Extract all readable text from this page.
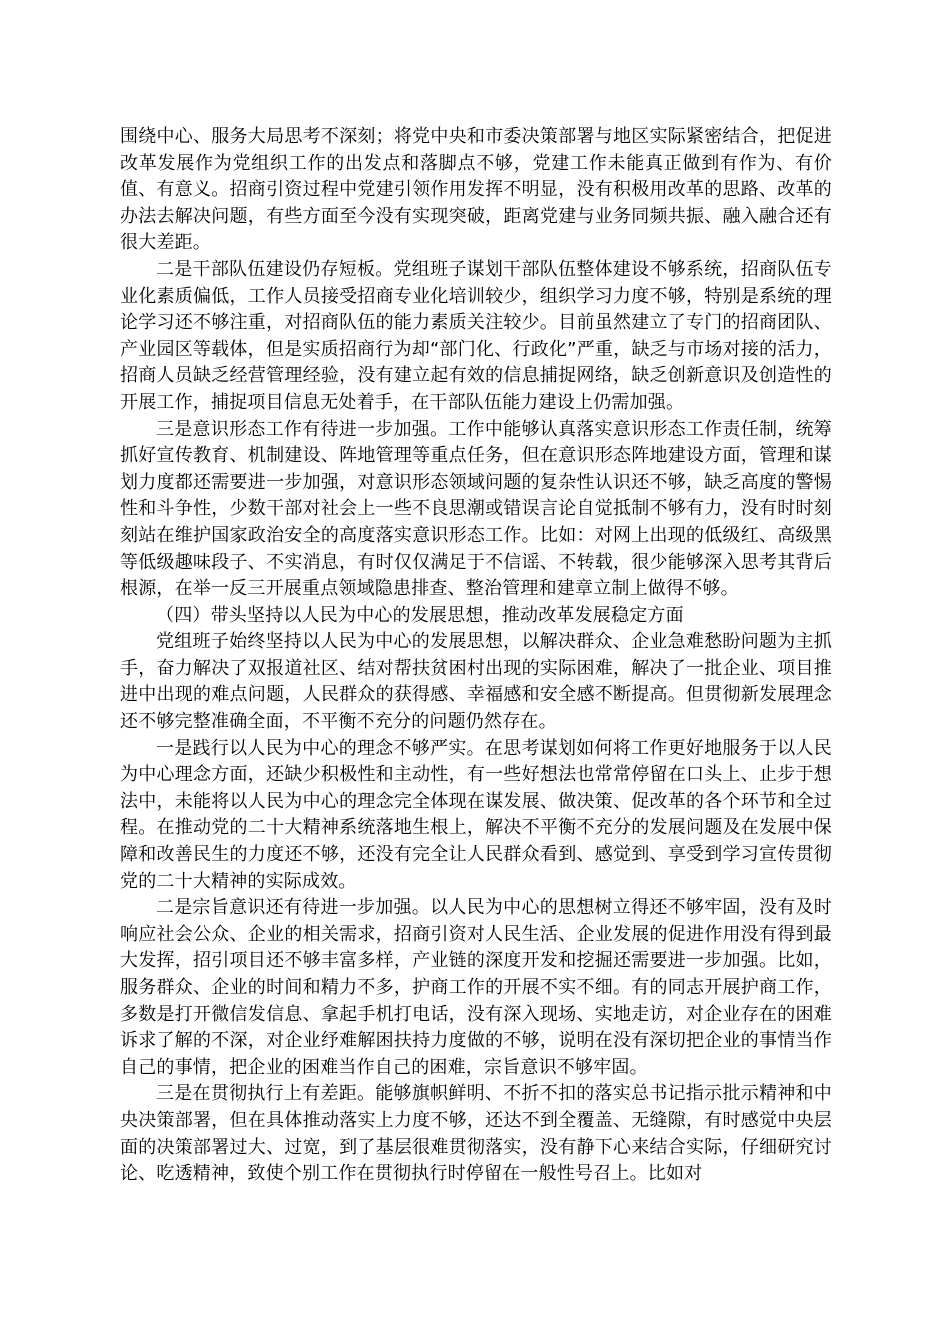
围绕中心、服务大局思考不深刻；将党中央和市委决策部署与地区实际紧密结合，把促进改革发展作为党组织工作的出发点和落脚点不够，党建工作未能真正做到有作为、有价值、有意义。招商引资过程中党建引领作用发挥不明显，没有积极用改革的思路、改革的办法去解决问题，有些方面至今没有实现突破，距离党建与业务同频共振、融入融合还有很大差距。

二是干部队伍建设仍存短板。党组班子谋划干部队伍整体建设不够系统，招商队伍专业化素质偏低，工作人员接受招商专业化培训较少，组织学习力度不够，特别是系统的理论学习还不够注重，对招商队伍的能力素质关注较少。目前虽然建立了专门的招商团队、产业园区等载体，但是实质招商行为却“部门化、行政化”严重，缺乏与市场对接的活力，招商人员缺乏经营管理经验，没有建立起有效的信息捕捉网络，缺乏创新意识及创造性的开展工作，捕捉项目信息无处着手，在干部队伍能力建设上仍需加强。

三是意识形态工作有待进一步加强。工作中能够认真落实意识形态工作责任制，统筹抓好宣传教育、机制建设、阵地管理等重点任务，但在意识形态阵地建设方面，管理和谋划力度都还需要进一步加强，对意识形态领域问题的复杂性认识还不够，缺乏高度的警惕性和斗争性，少数干部对社会上一些不良思潮或错误言论自觉抵制不够有力，没有时时刻刻站在维护国家政治安全的高度落实意识形态工作。比如：对网上出现的低级红、高级黑等低级趣味段子、不实消息，有时仅仅满足于不信谣、不转载，很少能够深入思考其背后根源，在举一反三开展重点领域隐患排查、整治管理和建章立制上做得不够。

（四）带头坚持以人民为中心的发展思想，推动改革发展稳定方面

党组班子始终坚持以人民为中心的发展思想，以解决群众、企业急难愁盼问题为主抓手，奋力解决了双报道社区、结对帮扶贫困村出现的实际困难，解决了一批企业、项目推进中出现的难点问题，人民群众的获得感、幸福感和安全感不断提高。但贯彻新发展理念还不够完整准确全面，不平衡不充分的问题仍然存在。

一是践行以人民为中心的理念不够严实。在思考谋划如何将工作更好地服务于以人民为中心理念方面，还缺少积极性和主动性，有一些好想法也常常停留在口头上、止步于想法中，未能将以人民为中心的理念完全体现在谋发展、做决策、促改革的各个环节和全过程。在推动党的二十大精神系统落地生根上，解决不平衡不充分的发展问题及在发展中保障和改善民生的力度还不够，还没有完全让人民群众看到、感觉到、享受到学习宣传贯彻党的二十大精神的实际成效。

二是宗旨意识还有待进一步加强。以人民为中心的思想树立得还不够牢固，没有及时响应社会公众、企业的相关需求，招商引资对人民生活、企业发展的促进作用没有得到最大发挥，招引项目还不够丰富多样，产业链的深度开发和挖掘还需要进一步加强。比如，服务群众、企业的时间和精力不多，护商工作的开展不实不细。有的同志开展护商工作，多数是打开微信发信息、拿起手机打电话，没有深入现场、实地走访，对企业存在的困难诉求了解的不深，对企业纾难解困扶持力度做的不够，说明在没有深切把企业的事情当作自己的事情，把企业的困难当作自己的困难，宗旨意识不够牢固。

三是在贯彻执行上有差距。能够旗帜鲜明、不折不扣的落实总书记指示批示精神和中央决策部署，但在具体推动落实上力度不够，还达不到全覆盖、无缝隙，有时感觉中央层面的决策部署过大、过宽，到了基层很难贯彻落实，没有静下心来结合实际，仔细研究讨论、吃透精神，致使个别工作在贯彻执行时停留在一般性号召上。比如对
